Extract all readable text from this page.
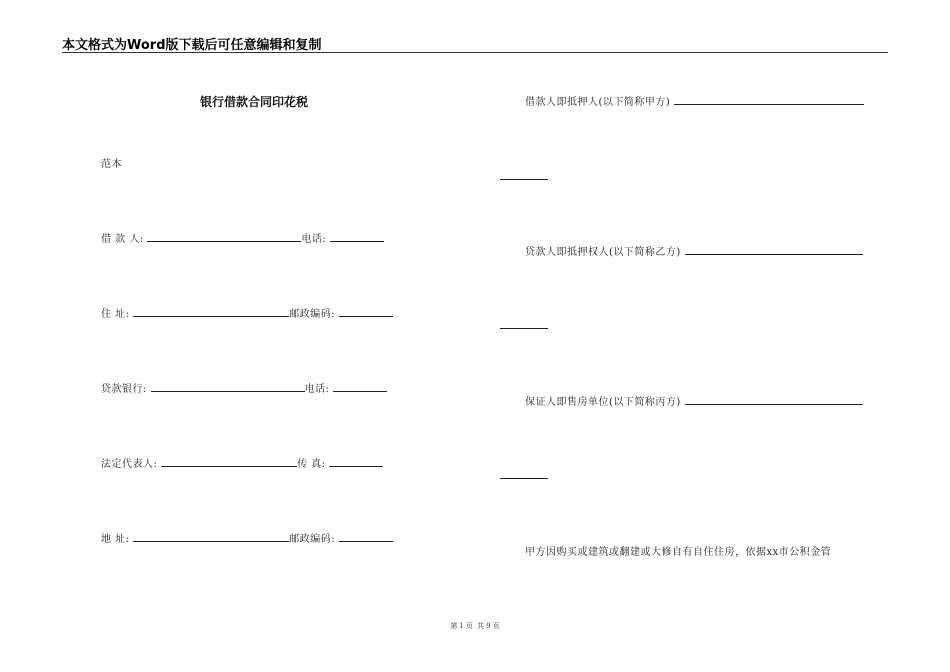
本文格式为Word版下载后可任意编辑和复制
银行借款合同印花税
范本
借 款 人:	电话:
住 址:	邮政编码:
贷款银行:	电话:
法定代表人:	传 真:
地 址:	邮政编码:
借款人即抵押人(以下简称甲方)
贷款人即抵押权人(以下简称乙方)
保证人即售房单位(以下简称丙方)
甲方因购买或建筑或翻建或大修自有自住住房，依据xx市公积金管
第 1 页 共 9 页
